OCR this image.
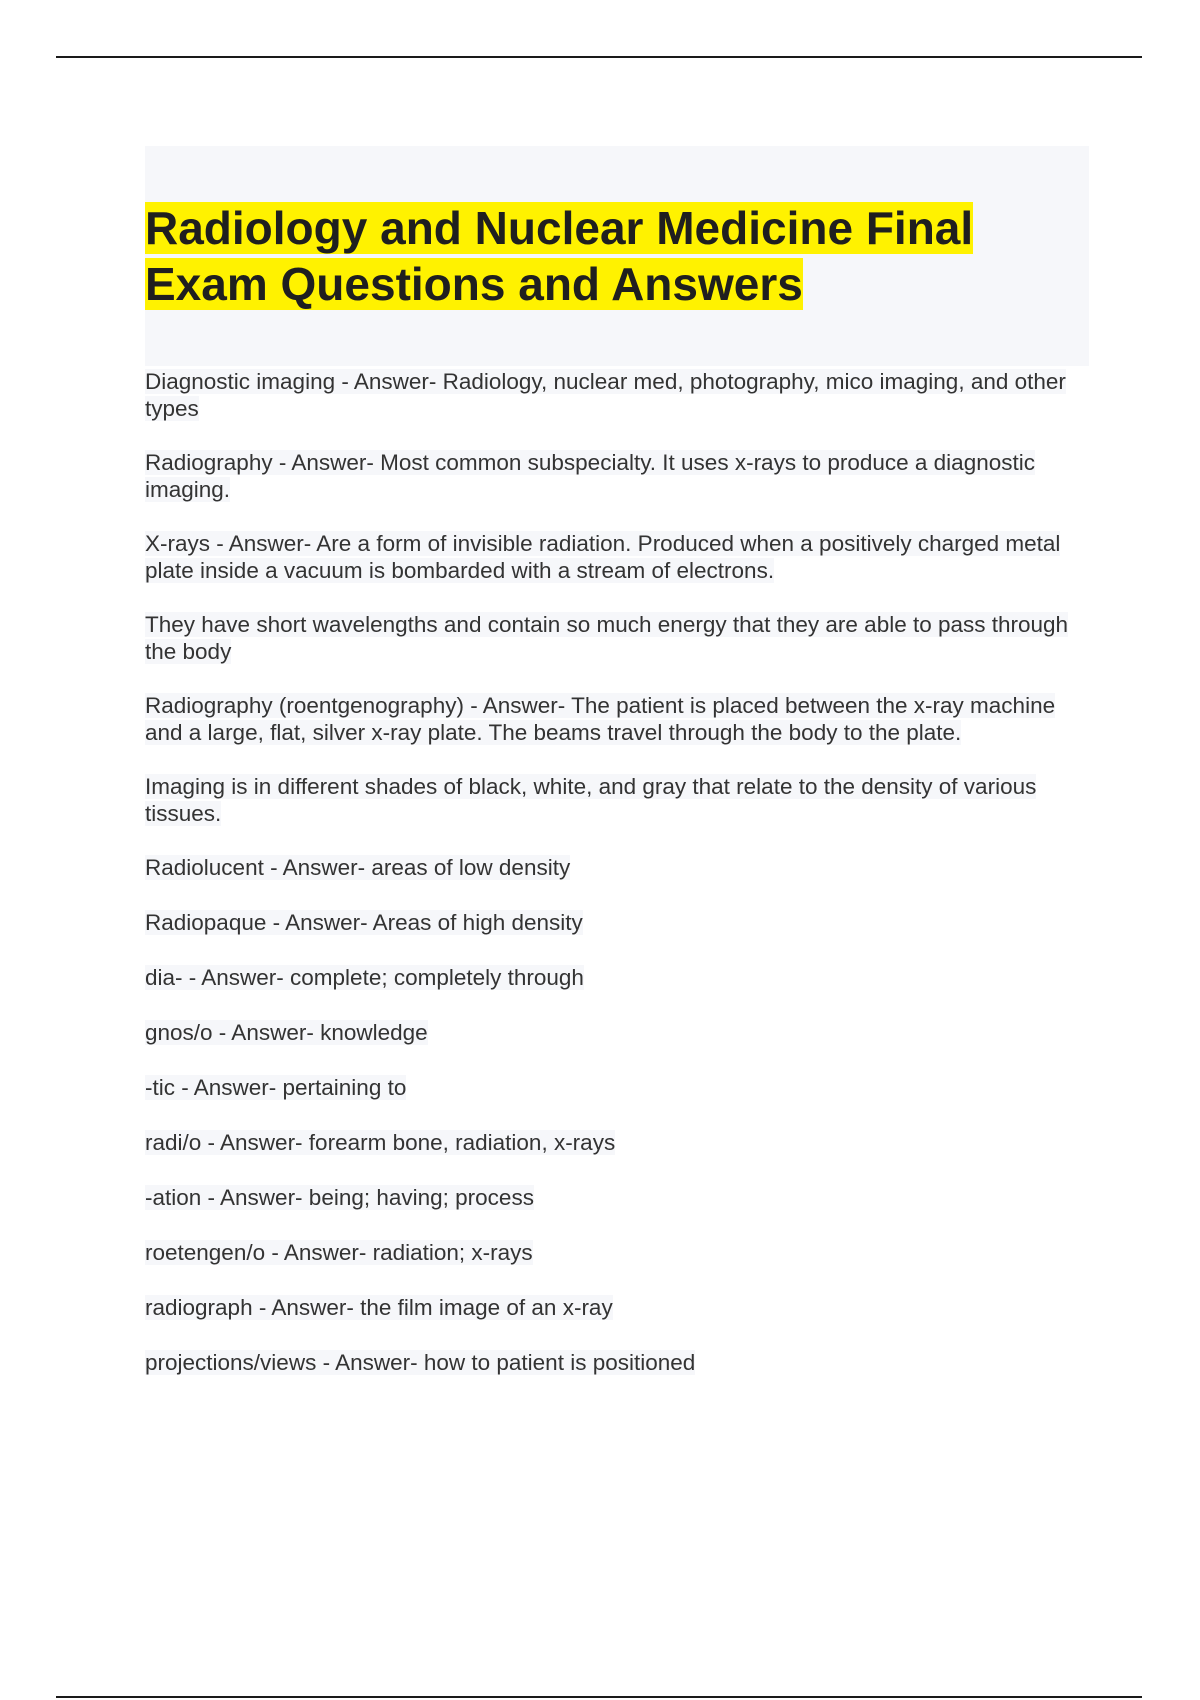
Radiology and Nuclear Medicine Final Exam Questions and Answers
Diagnostic imaging - Answer- Radiology, nuclear med, photography, mico imaging, and other types
Radiography - Answer- Most common subspecialty. It uses x-rays to produce a diagnostic imaging.
X-rays - Answer- Are a form of invisible radiation. Produced when a positively charged metal plate inside a vacuum is bombarded with a stream of electrons.
They have short wavelengths and contain so much energy that they are able to pass through the body
Radiography (roentgenography) - Answer- The patient is placed between the x-ray machine and a large, flat, silver x-ray plate. The beams travel through the body to the plate.
Imaging is in different shades of black, white, and gray that relate to the density of various tissues.
Radiolucent - Answer- areas of low density
Radiopaque - Answer- Areas of high density
dia- - Answer- complete; completely through
gnos/o - Answer- knowledge
-tic - Answer- pertaining to
radi/o - Answer- forearm bone, radiation, x-rays
-ation - Answer- being; having; process
roetengen/o - Answer- radiation; x-rays
radiograph - Answer- the film image of an x-ray
projections/views - Answer- how to patient is positioned
